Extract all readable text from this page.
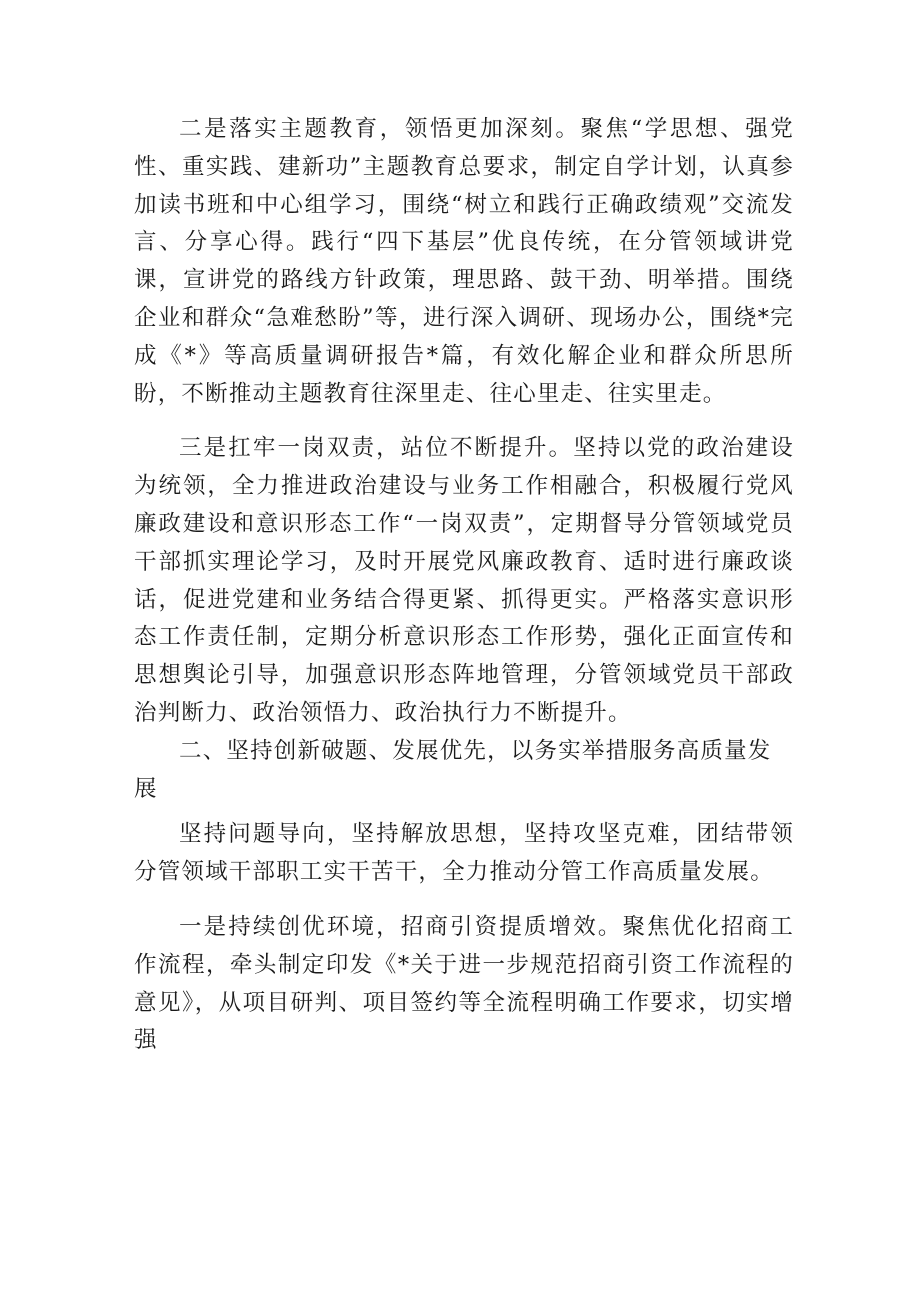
二是落实主题教育，领悟更加深刻。聚焦“学思想、强党性、重实践、建新功”主题教育总要求，制定自学计划，认真参加读书班和中心组学习，围绕“树立和践行正确政绩观”交流发言、分享心得。践行“四下基层”优良传统，在分管领域讲党课，宣讲党的路线方针政策，理思路、鼓干劲、明举措。围绕企业和群众“急难愁盼”等，进行深入调研、现场办公，围绕*完成《*》等高质量调研报告*篇，有效化解企业和群众所思所盼，不断推动主题教育往深里走、往心里走、往实里走。

三是扛牢一岗双责，站位不断提升。坚持以党的政治建设为统领，全力推进政治建设与业务工作相融合，积极履行党风廉政建设和意识形态工作“一岗双责”，定期督导分管领域党员干部抓实理论学习，及时开展党风廉政教育、适时进行廉政谈话，促进党建和业务结合得更紧、抓得更实。严格落实意识形态工作责任制，定期分析意识形态工作形势，强化正面宣传和思想舆论引导，加强意识形态阵地管理，分管领域党员干部政治判断力、政治领悟力、政治执行力不断提升。

二、坚持创新破题、发展优先，以务实举措服务高质量发展

坚持问题导向，坚持解放思想，坚持攻坚克难，团结带领分管领域干部职工实干苦干，全力推动分管工作高质量发展。

一是持续创优环境，招商引资提质增效。聚焦优化招商工作流程，牵头制定印发《*关于进一步规范招商引资工作流程的意见》，从项目研判、项目签约等全流程明确工作要求，切实增强
